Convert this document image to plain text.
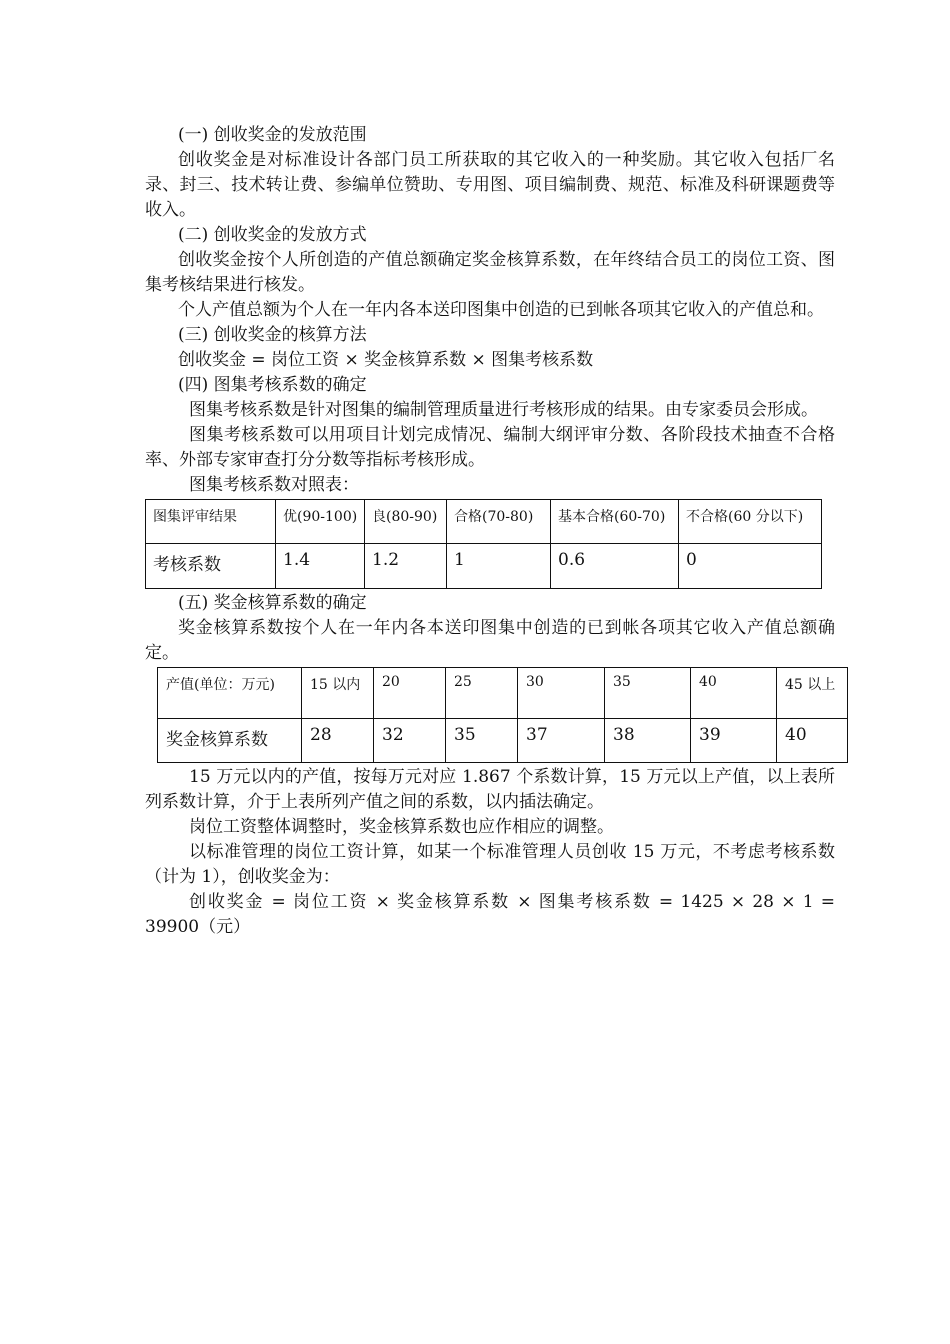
(一) 创收奖金的发放范围

创收奖金是对标准设计各部门员工所获取的其它收入的一种奖励。其它收入包括厂名录、封三、技术转让费、参编单位赞助、专用图、项目编制费、规范、标准及科研课题费等收入。

(二) 创收奖金的发放方式

创收奖金按个人所创造的产值总额确定奖金核算系数，在年终结合员工的岗位工资、图集考核结果进行核发。

个人产值总额为个人在一年内各本送印图集中创造的已到帐各项其它收入的产值总和。

(三) 创收奖金的核算方法

创收奖金 = 岗位工资 × 奖金核算系数 × 图集考核系数

(四) 图集考核系数的确定

图集考核系数是针对图集的编制管理质量进行考核形成的结果。由专家委员会形成。

图集考核系数可以用项目计划完成情况、编制大纲评审分数、各阶段技术抽查不合格率、外部专家审查打分分数等指标考核形成。

图集考核系数对照表：

图集评审结果	优(90-100)	良(80-90)	合格(70-80)	基本合格(60-70)	不合格(60 分以下)
考核系数	1.4	1.2	1	0.6	0

(五) 奖金核算系数的确定

奖金核算系数按个人在一年内各本送印图集中创造的已到帐各项其它收入产值总额确定。

产值(单位：万元)	15 以内	20	25	30	35	40	45 以上
奖金核算系数	28	32	35	37	38	39	40

15 万元以内的产值，按每万元对应 1.867 个系数计算，15 万元以上产值，以上表所列系数计算，介于上表所列产值之间的系数，以内插法确定。

岗位工资整体调整时，奖金核算系数也应作相应的调整。

以标准管理的岗位工资计算，如某一个标准管理人员创收 15 万元，不考虑考核系数（计为 1），创收奖金为：

创收奖金 = 岗位工资 × 奖金核算系数 × 图集考核系数 = 1425 × 28 × 1 =

39900（元）
